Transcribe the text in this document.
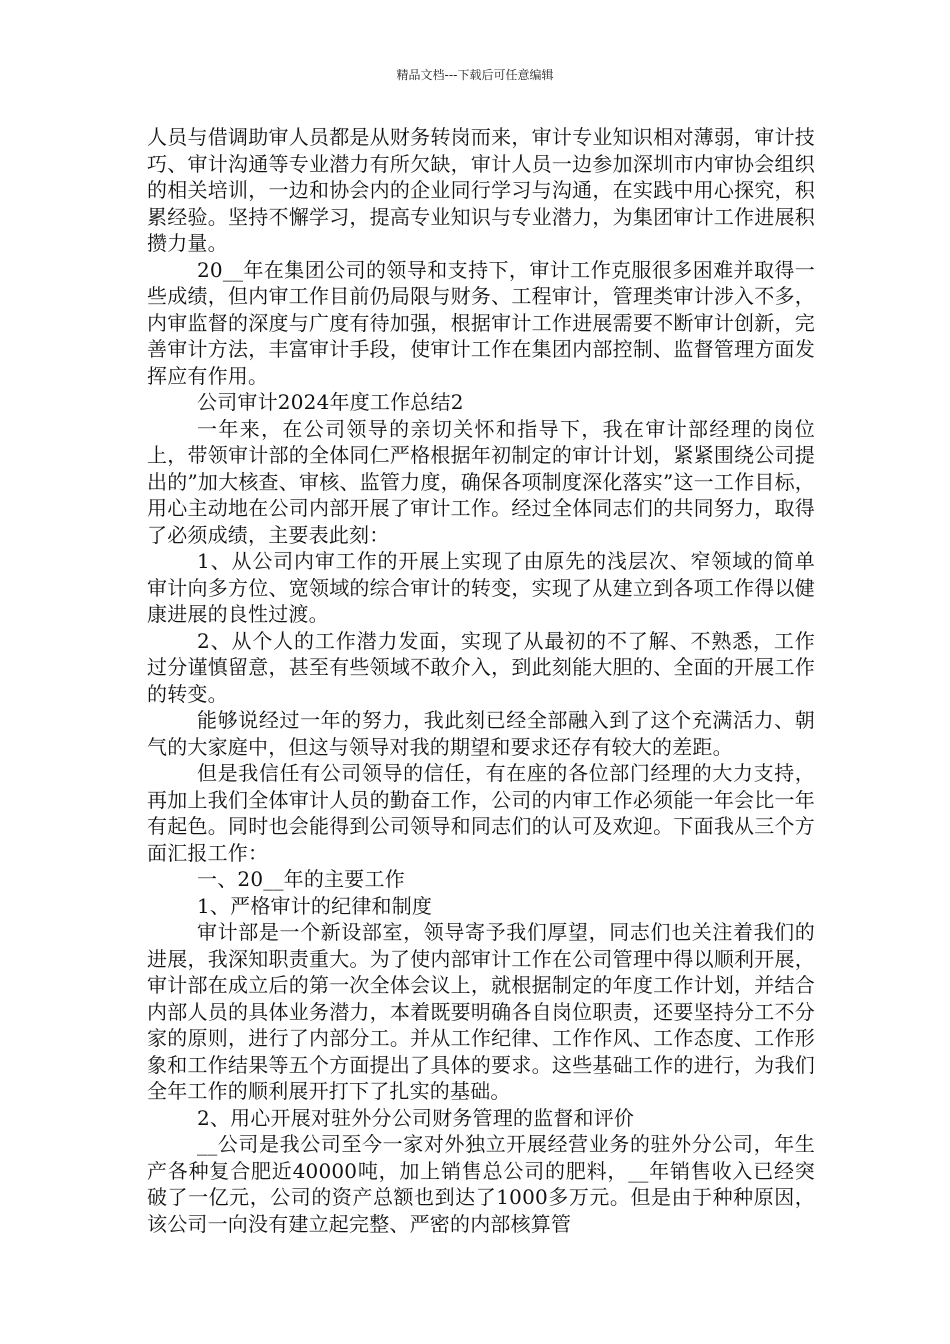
精品文档---下载后可任意编辑

人员与借调助审人员都是从财务转岗而来，审计专业知识相对薄弱，审计技巧、审计沟通等专业潜力有所欠缺，审计人员一边参加深圳市内审协会组织的相关培训，一边和协会内的企业同行学习与沟通，在实践中用心探究，积累经验。坚持不懈学习，提高专业知识与专业潜力，为集团审计工作进展积攒力量。

20__年在集团公司的领导和支持下，审计工作克服很多困难并取得一些成绩，但内审工作目前仍局限与财务、工程审计，管理类审计涉入不多，内审监督的深度与广度有待加强，根据审计工作进展需要不断审计创新，完善审计方法，丰富审计手段，使审计工作在集团内部控制、监督管理方面发挥应有作用。

公司审计2024年度工作总结2

一年来，在公司领导的亲切关怀和指导下，我在审计部经理的岗位上，带领审计部的全体同仁严格根据年初制定的审计计划，紧紧围绕公司提出的”加大核查、审核、监管力度，确保各项制度深化落实”这一工作目标，用心主动地在公司内部开展了审计工作。经过全体同志们的共同努力，取得了必须成绩，主要表此刻：

1、从公司内审工作的开展上实现了由原先的浅层次、窄领域的简单审计向多方位、宽领域的综合审计的转变，实现了从建立到各项工作得以健康进展的良性过渡。

2、从个人的工作潜力发面，实现了从最初的不了解、不熟悉，工作过分谨慎留意，甚至有些领域不敢介入，到此刻能大胆的、全面的开展工作的转变。

能够说经过一年的努力，我此刻已经全部融入到了这个充满活力、朝气的大家庭中，但这与领导对我的期望和要求还存有较大的差距。

但是我信任有公司领导的信任，有在座的各位部门经理的大力支持，再加上我们全体审计人员的勤奋工作，公司的内审工作必须能一年会比一年有起色。同时也会能得到公司领导和同志们的认可及欢迎。下面我从三个方面汇报工作：

一、20__年的主要工作

1、严格审计的纪律和制度

审计部是一个新设部室，领导寄予我们厚望，同志们也关注着我们的进展，我深知职责重大。为了使内部审计工作在公司管理中得以顺利开展，审计部在成立后的第一次全体会议上，就根据制定的年度工作计划，并结合内部人员的具体业务潜力，本着既要明确各自岗位职责，还要坚持分工不分家的原则，进行了内部分工。并从工作纪律、工作作风、工作态度、工作形象和工作结果等五个方面提出了具体的要求。这些基础工作的进行，为我们全年工作的顺利展开打下了扎实的基础。

2、用心开展对驻外分公司财务管理的监督和评价

__公司是我公司至今一家对外独立开展经营业务的驻外分公司，年生产各种复合肥近40000吨，加上销售总公司的肥料，__年销售收入已经突破了一亿元，公司的资产总额也到达了1000多万元。但是由于种种原因，该公司一向没有建立起完整、严密的内部核算管
